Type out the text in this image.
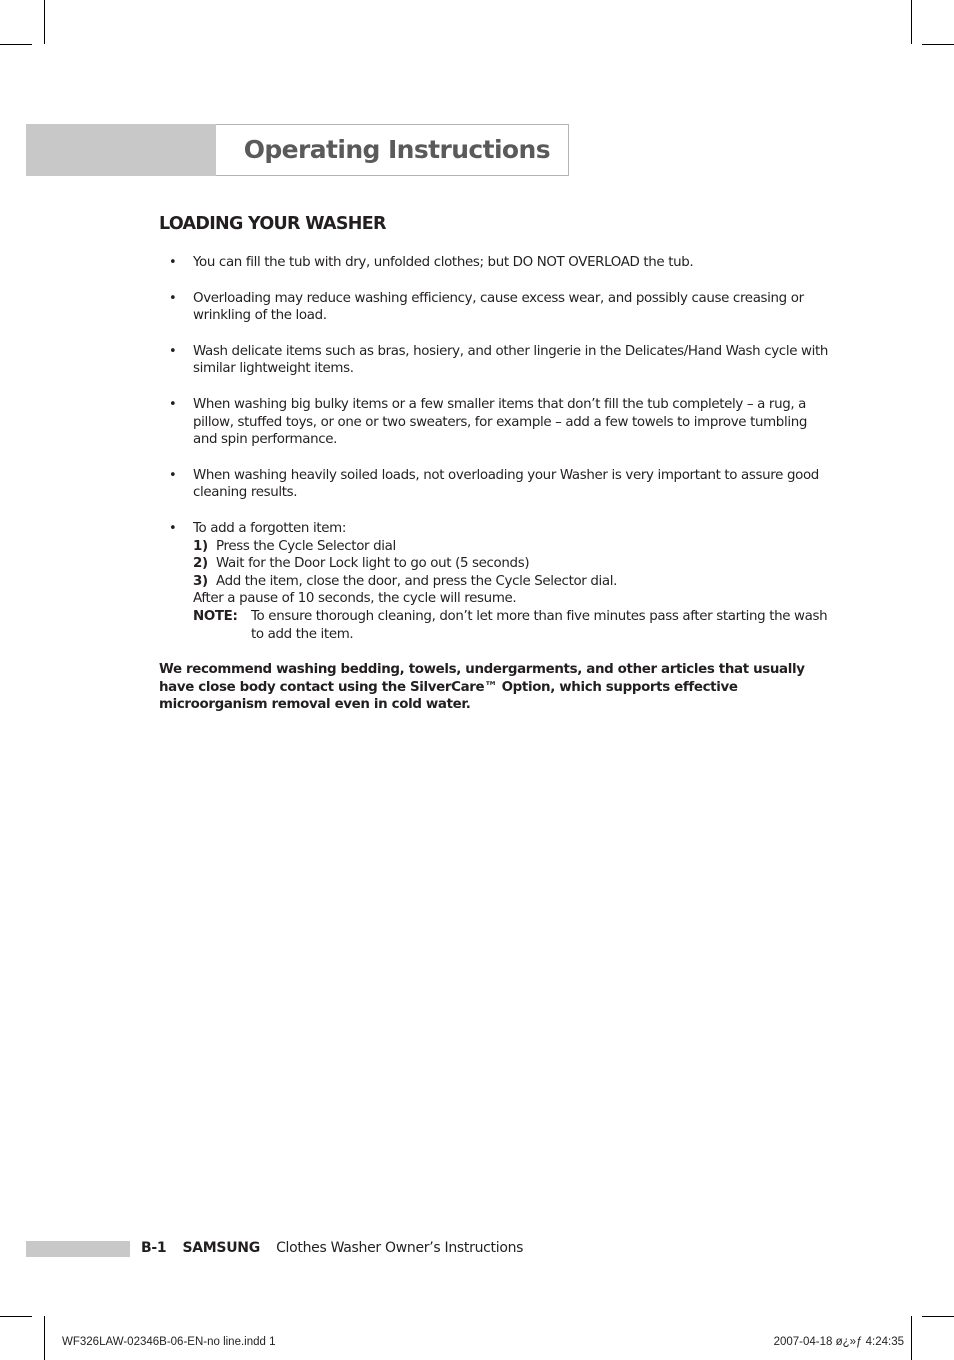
Operating Instructions
LOADING YOUR WASHER
• You can fill the tub with dry, unfolded clothes; but DO NOT OVERLOAD the tub.
• Overloading may reduce washing efficiency, cause excess wear, and possibly cause creasing or wrinkling of the load.
• Wash delicate items such as bras, hosiery, and other lingerie in the Delicates/Hand Wash cycle with similar lightweight items.
• When washing big bulky items or a few smaller items that don’t fill the tub completely – a rug, a pillow, stuffed toys, or one or two sweaters, for example – add a few towels to improve tumbling and spin performance.
• When washing heavily soiled loads, not overloading your Washer is very important to assure good cleaning results.
• To add a forgotten item:
1) Press the Cycle Selector dial
2) Wait for the Door Lock light to go out (5 seconds)
3) Add the item, close the door, and press the Cycle Selector dial.
After a pause of 10 seconds, the cycle will resume.
NOTE: To ensure thorough cleaning, don’t let more than five minutes pass after starting the wash to add the item.

We recommend washing bedding, towels, undergarments, and other articles that usually have close body contact using the SilverCare™ Option, which supports effective microorganism removal even in cold water.

B-1 SAMSUNG Clothes Washer Owner’s Instructions
WF326LAW-02346B-06-EN-no line.indd 1	2007-04-18 ø¿»ƒ 4:24:35
